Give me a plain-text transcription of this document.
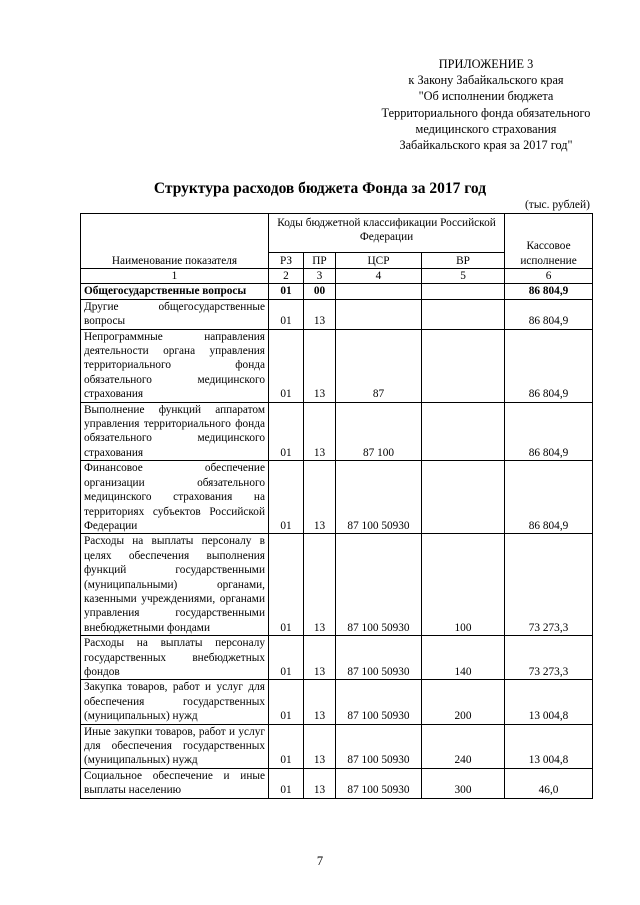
ПРИЛОЖЕНИЕ 3
к Закону Забайкальского края
"Об исполнении бюджета
Территориального фонда обязательного
медицинского страхования
Забайкальского края за 2017 год"
Структура расходов бюджета Фонда за 2017 год
(тыс. рублей)
Наименование показателя	Коды бюджетной классификации Российской Федерации				Кассовое исполнение
	РЗ	ПР	ЦСР	ВР	
1	2	3	4	5	6
Общегосударственные вопросы	01	00			86 804,9
Другие общегосударственные вопросы	01	13			86 804,9
Непрограммные направления деятельности органа управления территориального фонда обязательного медицинского страхования	01	13	87		86 804,9
Выполнение функций аппаратом управления территориального фонда обязательного медицинского страхования	01	13	87 100		86 804,9
Финансовое обеспечение организации обязательного медицинского страхования на территориях субъектов Российской Федерации	01	13	87 100 50930		86 804,9
Расходы на выплаты персоналу в целях обеспечения выполнения функций государственными (муниципальными) органами, казенными учреждениями, органами управления государственными внебюджетными фондами	01	13	87 100 50930	100	73 273,3
Расходы на выплаты персоналу государственных внебюджетных фондов	01	13	87 100 50930	140	73 273,3
Закупка товаров, работ и услуг для обеспечения государственных (муниципальных) нужд	01	13	87 100 50930	200	13 004,8
Иные закупки товаров, работ и услуг для обеспечения государственных (муниципальных) нужд	01	13	87 100 50930	240	13 004,8
Социальное обеспечение и иные выплаты населению	01	13	87 100 50930	300	46,0
7
